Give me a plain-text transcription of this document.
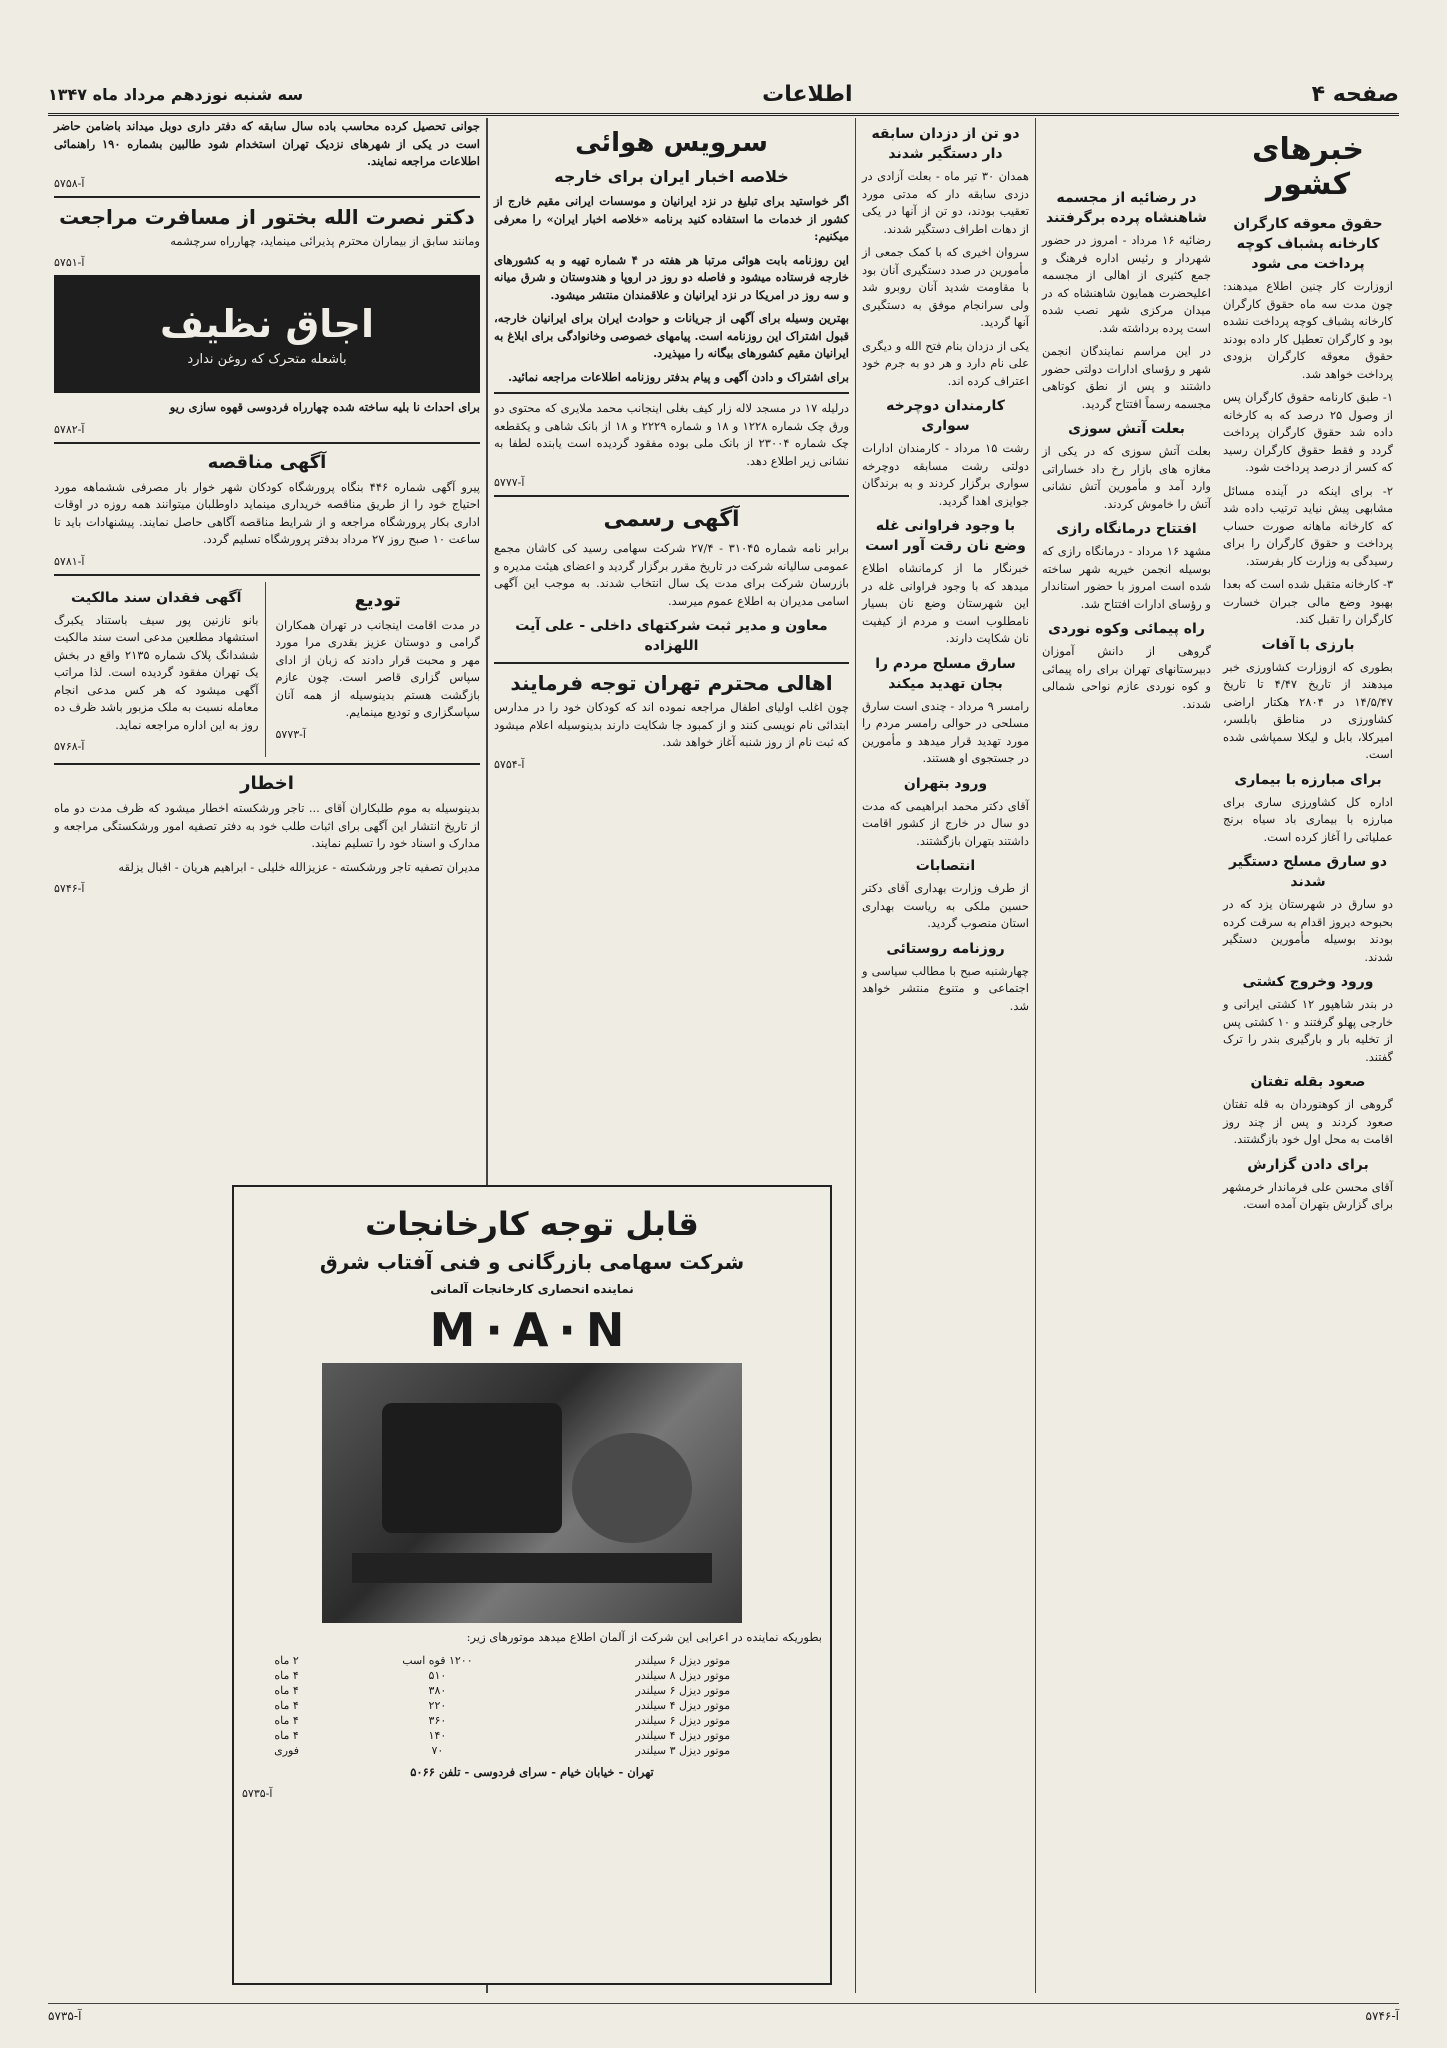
صفحه ۴
اطلاعات
سه شنبه نوزدهم مرداد ماه ۱۳۴۷
خبرهای کشور
حقوق معوقه کارگران کارخانه پشباف کوچه پرداخت می شود

ازوزارت کار چنین اطلاع میدهند: چون مدت سه ماه حقوق کارگران کارخانه پشباف کوچه پرداخت نشده بود و کارگران تعطیل کار داده بودند حقوق معوقه کارگران بزودی پرداخت خواهد شد.

۱- طبق کارنامه حقوق کارگران پس از وصول ۲۵ درصد که به کارخانه داده شد حقوق کارگران پرداخت گردد و فقط حقوق کارگران رسید که کسر از درصد پرداخت شود.

۲- برای اینکه در آینده مسائل مشابهی پیش نیاید ترتیب داده شد که کارخانه ماهانه صورت حساب پرداخت و حقوق کارگران را برای رسیدگی به وزارت کار بفرستد.

۳- کارخانه متقبل شده است که بعدا بهبود وضع مالی جبران خسارت کارگران را تقبل کند.

بارزی با آفات

بطوری که ازوزارت کشاورزی خبر میدهند از تاریخ ۴/۴۷ تا تاریخ ۱۴/۵/۴۷ در ۲۸۰۴ هکتار اراضی کشاورزی در مناطق بابلسر، امیرکلا، بابل و لیکلا سمپاشی شده است.

برای مبارزه با بیماری

اداره کل کشاورزی ساری برای مبارزه با بیماری باد سیاه برنج عملیاتی را آغاز کرده است.

دو سارق مسلح دستگیر شدند

دو سارق در شهرستان یزد که در بحبوحه دیروز اقدام به سرقت کرده بودند بوسیله مأمورین دستگیر شدند.

ورود وخروج کشتی

در بندر شاهپور ۱۲ کشتی ایرانی و خارجی پهلو گرفتند و ۱۰ کشتی پس از تخلیه بار و بارگیری بندر را ترک گفتند.

صعود بقله تفتان

گروهی از کوهنوردان به قله تفتان صعود کردند و پس از چند روز اقامت به محل اول خود بازگشتند.

برای دادن گزارش

آقای محسن علی فرماندار خرمشهر برای گزارش بتهران آمده است.

در رضائیه از مجسمه شاهنشاه پرده برگرفتند

رضائیه ۱۶ مرداد - امروز در حضور شهردار و رئیس اداره فرهنگ و جمع کثیری از اهالی از مجسمه اعلیحضرت همایون شاهنشاه که در میدان مرکزی شهر نصب شده است پرده برداشته شد.

در این مراسم نمایندگان انجمن شهر و رؤسای ادارات دولتی حضور داشتند و پس از نطق کوتاهی مجسمه رسماً افتتاح گردید.

بعلت آتش سوزی

بعلت آتش سوزی که در یکی از مغازه های بازار رخ داد خساراتی وارد آمد و مأمورین آتش نشانی آتش را خاموش کردند.

افتتاح درمانگاه رازی

مشهد ۱۶ مرداد - درمانگاه رازی که بوسیله انجمن خیریه شهر ساخته شده است امروز با حضور استاندار و رؤسای ادارات افتتاح شد.

راه پیمائی وکوه نوردی

گروهی از دانش آموزان دبیرستانهای تهران برای راه پیمائی و کوه نوردی عازم نواحی شمالی شدند.

دو تن از دزدان سابقه دار دستگیر شدند

همدان ۳۰ تیر ماه - بعلت آزادی در دزدی سابقه دار که مدتی مورد تعقیب بودند، دو تن از آنها در یکی از دهات اطراف دستگیر شدند.

سروان اخیری که با کمک جمعی از مأمورین در صدد دستگیری آنان بود با مقاومت شدید آنان روبرو شد ولی سرانجام موفق به دستگیری آنها گردید.

یکی از دزدان بنام فتح الله و دیگری علی نام دارد و هر دو به جرم خود اعتراف کرده اند.

کارمندان دوچرخه سواری

رشت ۱۵ مرداد - کارمندان ادارات دولتی رشت مسابقه دوچرخه سواری برگزار کردند و به برندگان جوایزی اهدا گردید.

با وجود فراوانی غله وضع نان رقت آور است

خبرنگار ما از کرمانشاه اطلاع میدهد که با وجود فراوانی غله در این شهرستان وضع نان بسیار نامطلوب است و مردم از کیفیت نان شکایت دارند.

سارق مسلح مردم را بجان تهدید میکند

رامسر ۹ مرداد - چندی است سارق مسلحی در حوالی رامسر مردم را مورد تهدید قرار میدهد و مأمورین در جستجوی او هستند.

ورود بتهران

آقای دکتر محمد ابراهیمی که مدت دو سال در خارج از کشور اقامت داشتند بتهران بازگشتند.

انتصابات

از طرف وزارت بهداری آقای دکتر حسین ملکی به ریاست بهداری استان منصوب گردید.

روزنامه روستائی

چهارشنبه صبح با مطالب سیاسی و اجتماعی و متنوع منتشر خواهد شد.

سرویس هوائی
خلاصه اخبار ایران برای خارجه

اگر خواستید برای تبلیغ در نزد ایرانیان و موسسات ایرانی مقیم خارج از کشور از خدمات ما استفاده کنید برنامه «خلاصه اخبار ایران» را معرفی میکنیم:

این روزنامه بابت هوائی مرتبا هر هفته در ۴ شماره تهیه و به کشورهای خارجه فرستاده میشود و فاصله دو روز در اروپا و هندوستان و شرق میانه و سه روز در امریکا در نزد ایرانیان و علاقمندان منتشر میشود.

بهترین وسیله برای آگهی از جریانات و حوادث ایران برای ایرانیان خارجه، قبول اشتراک این روزنامه است. پیامهای خصوصی وخانوادگی برای ابلاغ به ایرانیان مقیم کشورهای بیگانه را میپذیرد.

برای اشتراک و دادن آگهی و پیام بدفتر روزنامه اطلاعات مراجعه نمائید.

درلیله ۱۷ در مسجد لاله زار کیف بغلی اینجانب محمد ملایری که محتوی دو ورق چک شماره ۱۲۲۸ و ۱۸ و شماره ۲۲۲۹ و ۱۸ از بانک شاهی و یکقطعه چک شماره ۲۳۰۰۴ از بانک ملی بوده مفقود گردیده است یابنده لطفا به نشانی زیر اطلاع دهد.

آ-۵۷۷۷
آگهی رسمی

برابر نامه شماره ۳۱۰۴۵ - ۲۷/۴ شرکت سهامی رسید کی کاشان مجمع عمومی سالیانه شرکت در تاریخ مقرر برگزار گردید و اعضای هیئت مدیره و بازرسان شرکت برای مدت یک سال انتخاب شدند. به موجب این آگهی اسامی مدیران به اطلاع عموم میرسد.

معاون و مدیر ثبت شرکتهای داخلی - علی آیت اللهزاده
اهالی محترم تهران توجه فرمایند

چون اغلب اولیای اطفال مراجعه نموده اند که کودکان خود را در مدارس ابتدائی نام نویسی کنند و از کمبود جا شکایت دارند بدینوسیله اعلام میشود که ثبت نام از روز شنبه آغاز خواهد شد.

آ-۵۷۵۴

جوانی تحصیل کرده محاسب باده سال سابقه که دفتر داری دوبل میداند باضامن حاضر است در یکی از شهرهای نزدیک تهران استخدام شود طالبین بشماره ۱۹۰ راهنمائی اطلاعات مراجعه نمایند.

آ-۵۷۵۸
دکتر نصرت الله بختور از مسافرت مراجعت

ومانند سابق از بیماران محترم پذیرائی مینماید، چهارراه سرچشمه

آ-۵۷۵۱
اجاق نظیف
باشعله متحرک که روغن ندارد

برای احداث نا بلیه ساخته شده چهارراه فردوسی قهوه سازی ریو

آ-۵۷۸۲
آگهی مناقصه

پیرو آگهی شماره ۴۴۶ بنگاه پرورشگاه کودکان شهر خوار بار مصرفی ششماهه مورد احتیاج خود را از طریق مناقصه خریداری مینماید داوطلبان میتوانند همه روزه در اوقات اداری بکار پرورشگاه مراجعه و از شرایط مناقصه آگاهی حاصل نمایند. پیشنهادات باید تا ساعت ۱۰ صبح روز ۲۷ مرداد بدفتر پرورشگاه تسلیم گردد.

آ-۵۷۸۱
تودیع

در مدت اقامت اینجانب در تهران همکاران گرامی و دوستان عزیز بقدری مرا مورد مهر و محبت قرار دادند که زبان از ادای سپاس گزاری قاصر است. چون عازم بازگشت هستم بدینوسیله از همه آنان سپاسگزاری و تودیع مینمایم.

آ-۵۷۷۳
آگهی فقدان سند مالکیت

بانو نازنین پور سیف باستناد یکبرگ استشهاد مطلعین مدعی است سند مالکیت ششدانگ پلاک شماره ۲۱۳۵ واقع در بخش یک تهران مفقود گردیده است. لذا مراتب آگهی میشود که هر کس مدعی انجام معامله نسبت به ملک مزبور باشد ظرف ده روز به این اداره مراجعه نماید.

آ-۵۷۶۸
اخطار

بدینوسیله به موم طلبکاران آقای ... تاجر ورشکسته اخطار میشود که ظرف مدت دو ماه از تاریخ انتشار این آگهی برای اثبات طلب خود به دفتر تصفیه امور ورشکستگی مراجعه و مدارک و اسناد خود را تسلیم نمایند.

مدیران تصفیه تاجر ورشکسته - عزیزالله خلیلی - ابراهیم هریان - اقبال یزلقه

آ-۵۷۴۶
قابل توجه کارخانجات
شرکت سهامی بازرگانی و فنی آفتاب شرق
نماینده انحصاری کارخانجات آلمانی
M·A·N

بطوریکه نماینده در اعرابی این شرکت از آلمان اطلاع میدهد موتورهای زیر:

موتور دیزل ۶ سیلندر	۱۲۰۰ قوه اسب	۲ ماه
موتور دیزل ۸ سیلندر	۵۱۰	۴ ماه
موتور دیزل ۶ سیلندر	۳۸۰	۴ ماه
موتور دیزل ۴ سیلندر	۲۲۰	۴ ماه
موتور دیزل ۶ سیلندر	۳۶۰	۴ ماه
موتور دیزل ۴ سیلندر	۱۴۰	۴ ماه
موتور دیزل ۳ سیلندر	۷۰	فوری

تهران - خیابان خیام - سرای فردوسی - تلفن ۵۰۶۶

آ-۵۷۳۵
آ-۵۷۴۶
آ-۵۷۳۵
